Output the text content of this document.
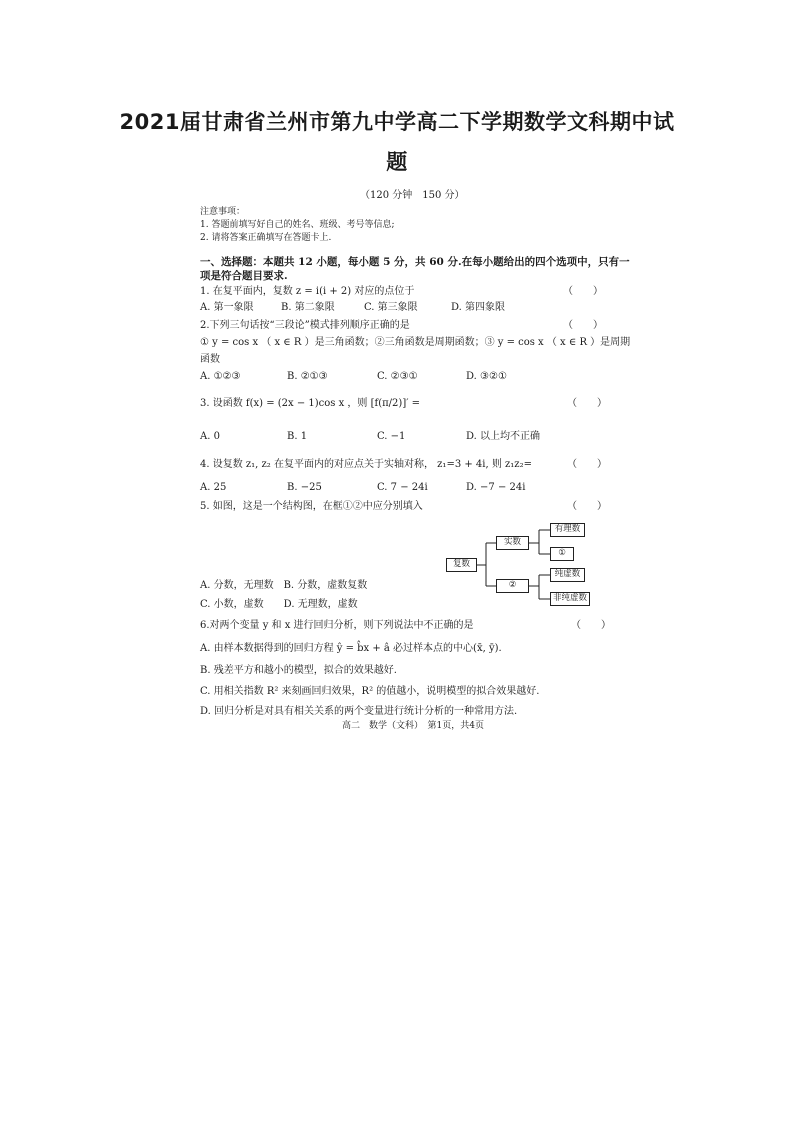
2021届甘肃省兰州市第九中学高二下学期数学文科期中试
题
（120 分钟　150 分）
注意事项：
1. 答题前填写好自己的姓名、班级、考号等信息;
2. 请将答案正确填写在答题卡上.
一、选择题：本题共 12 小题，每小题 5 分，共 60 分.在每小题给出的四个选项中，只有一
项是符合题目要求.
1. 在复平面内，复数 z = i(i + 2) 对应的点位于	（　　）
A. 第一象限	B. 第二象限	C. 第三象限	D. 第四象限
2.下列三句话按“三段论”模式排列顺序正确的是	（　　）
① y = cos x （ x ∈ R ）是三角函数；②三角函数是周期函数；③ y = cos x （ x ∈ R ）是周期
函数
A. ①②③	B. ②①③	C. ②③①	D. ③②①
3. 设函数 f(x) = (2x − 1)cos x ，则 [f(π/2)]′ =	（　　）
A. 0	B. 1	C. −1	D. 以上均不正确
4. 设复数 z₁, z₂ 在复平面内的对应点关于实轴对称， z₁=3 + 4i, 则 z₁z₂=	（　　）
A. 25	B. −25	C. 7 − 24i	D. −7 − 24i
5. 如图，这是一个结构图，在框①②中应分别填入	（　　）
复数
实数
②
有理数
①
纯虚数
非纯虚数
A. 分数，无理数　B. 分数，虚数复数
C. 小数，虚数　　D. 无理数，虚数
6.对两个变量 y 和 x 进行回归分析，则下列说法中不正确的是	（　　）
A. 由样本数据得到的回归方程 ŷ = b̂x + â 必过样本点的中心(x̄, ȳ).
B. 残差平方和越小的模型，拟合的效果越好.
C. 用相关指数 R² 来刻画回归效果，R² 的值越小，说明模型的拟合效果越好.
D. 回归分析是对具有相关关系的两个变量进行统计分析的一种常用方法.
高二　数学（文科）　第1页，共4页
